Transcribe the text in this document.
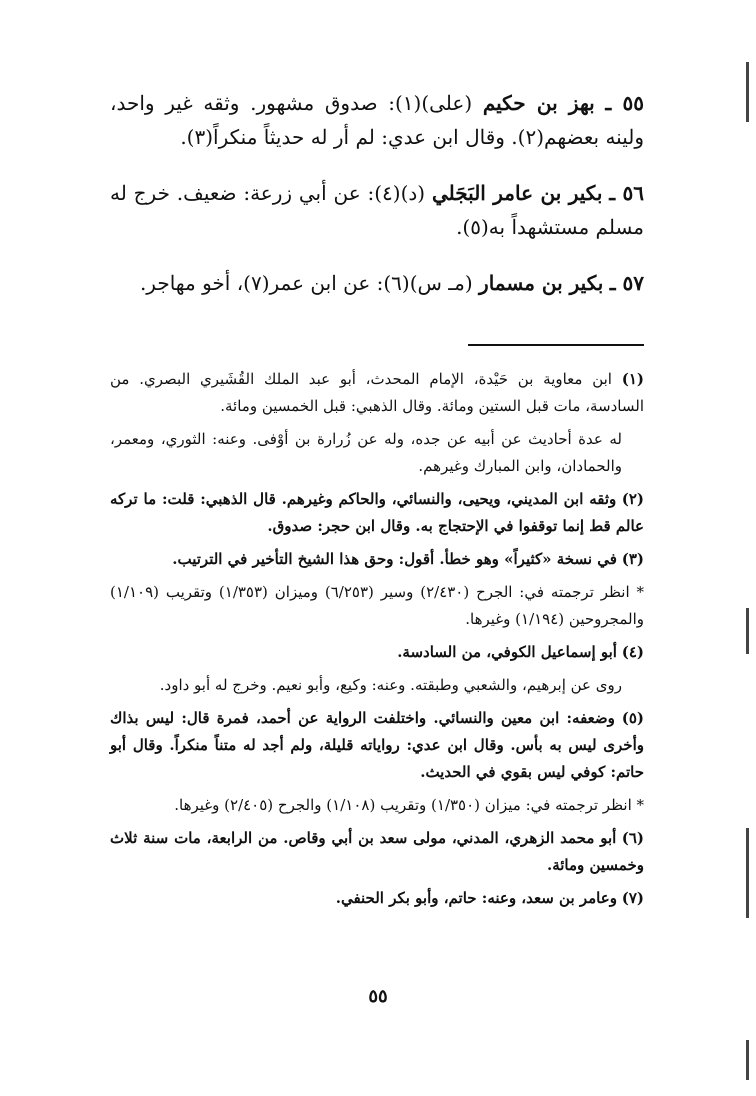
٥٥ ـ بهز بن حكيم (على)(١): صدوق مشهور. وثقه غير واحد، ولينه بعضهم(٢). وقال ابن عدي: لم أر له حديثاً منكراً(٣).

٥٦ ـ بكير بن عامر البَجَلي (د)(٤): عن أبي زرعة: ضعيف. خرج له مسلم مستشهداً به(٥).

٥٧ ـ بكير بن مسمار (مـ س)(٦): عن ابن عمر(٧)، أخو مهاجر.

(١) ابن معاوية بن حَيْدة، الإمام المحدث، أبو عبد الملك القُشَيري البصري. من السادسة، مات قبل الستين ومائة. وقال الذهبي: قبل الخمسين ومائة.

له عدة أحاديث عن أبيه عن جده، وله عن زُرارة بن أوْفى. وعنه: الثوري، ومعمر، والحمادان، وابن المبارك وغيرهم.

(٢) وثقه ابن المديني، ويحيى، والنسائي، والحاكم وغيرهم. قال الذهبي: قلت: ما تركه عالم قط إنما توقفوا في الإحتجاج به. وقال ابن حجر: صدوق.

(٣) في نسخة «كثيراً» وهو خطأ. أقول: وحق هذا الشيخ التأخير في الترتيب.

* انظر ترجمته في: الجرح (٢/٤٣٠) وسير (٦/٢٥٣) وميزان (١/٣٥٣) وتقريب (١/١٠٩) والمجروحين (١/١٩٤) وغيرها.

(٤) أبو إسماعيل الكوفي، من السادسة.

روى عن إبرهيم، والشعبي وطبقته. وعنه: وكيع، وأبو نعيم. وخرج له أبو داود.

(٥) وضعفه: ابن معين والنسائي. واختلفت الرواية عن أحمد، فمرة قال: ليس بذاك وأخرى ليس به بأس. وقال ابن عدي: رواياته قليلة، ولم أجد له متناً منكراً. وقال أبو حاتم: كوفي ليس بقوي في الحديث.

* انظر ترجمته في: ميزان (١/٣٥٠) وتقريب (١/١٠٨) والجرح (٢/٤٠٥) وغيرها.

(٦) أبو محمد الزهري، المدني، مولى سعد بن أبي وقاص. من الرابعة، مات سنة ثلاث وخمسين ومائة.

(٧) وعامر بن سعد، وعنه: حاتم، وأبو بكر الحنفي.

٥٥
